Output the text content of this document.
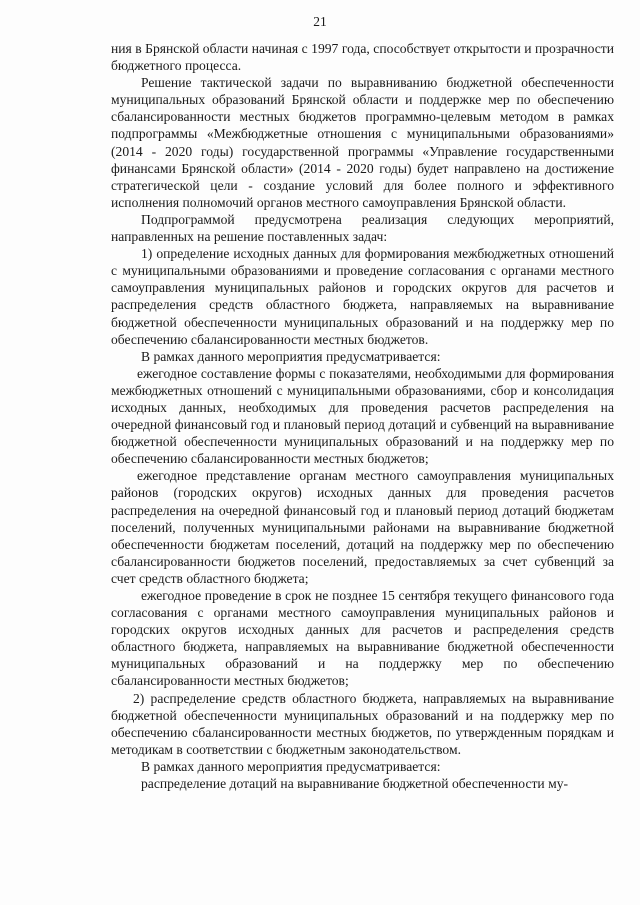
21

ния в Брянской области начиная с 1997 года, способствует открытости и прозрачности бюджетного процесса.

Решение тактической задачи по выравниванию бюджетной обеспеченности муниципальных образований Брянской области и поддержке мер по обеспечению сбалансированности местных бюджетов программно-целевым методом в рамках подпрограммы «Межбюджетные отношения с муниципальными образованиями» (2014 - 2020 годы) государственной программы «Управление государственными финансами Брянской области» (2014 - 2020 годы) будет направлено на достижение стратегической цели - создание условий для более полного и эффективного исполнения полномочий органов местного самоуправления Брянской области.

Подпрограммой предусмотрена реализация следующих мероприятий, направленных на решение поставленных задач:

1) определение исходных данных для формирования межбюджетных отношений с муниципальными образованиями и проведение согласования с органами местного самоуправления муниципальных районов и городских округов для расчетов и распределения средств областного бюджета, направляемых на выравнивание бюджетной обеспеченности муниципальных образований и на поддержку мер по обеспечению сбалансированности местных бюджетов.

В рамках данного мероприятия предусматривается:

ежегодное составление формы с показателями, необходимыми для формирования межбюджетных отношений с муниципальными образованиями, сбор и консолидация исходных данных, необходимых для проведения расчетов распределения на очередной финансовый год и плановый период дотаций и субвенций на выравнивание бюджетной обеспеченности муниципальных образований и на поддержку мер по обеспечению сбалансированности местных бюджетов;

ежегодное представление органам местного самоуправления муниципальных районов (городских округов) исходных данных для проведения расчетов распределения на очередной финансовый год и плановый период дотаций бюджетам поселений, полученных муниципальными районами на выравнивание бюджетной обеспеченности бюджетам поселений, дотаций на поддержку мер по обеспечению сбалансированности бюджетов поселений, предоставляемых за счет субвенций за счет средств областного бюджета;

ежегодное проведение в срок не позднее 15 сентября текущего финансового года согласования с органами местного самоуправления муниципальных районов и городских округов исходных данных для расчетов и распределения средств областного бюджета, направляемых на выравнивание бюджетной обеспеченности муниципальных образований и на поддержку мер по обеспечению сбалансированности местных бюджетов;

2) распределение средств областного бюджета, направляемых на выравнивание бюджетной обеспеченности муниципальных образований и на поддержку мер по обеспечению сбалансированности местных бюджетов, по утвержденным порядкам и методикам в соответствии с бюджетным законодательством.

В рамках данного мероприятия предусматривается:

распределение дотаций на выравнивание бюджетной обеспеченности му-
